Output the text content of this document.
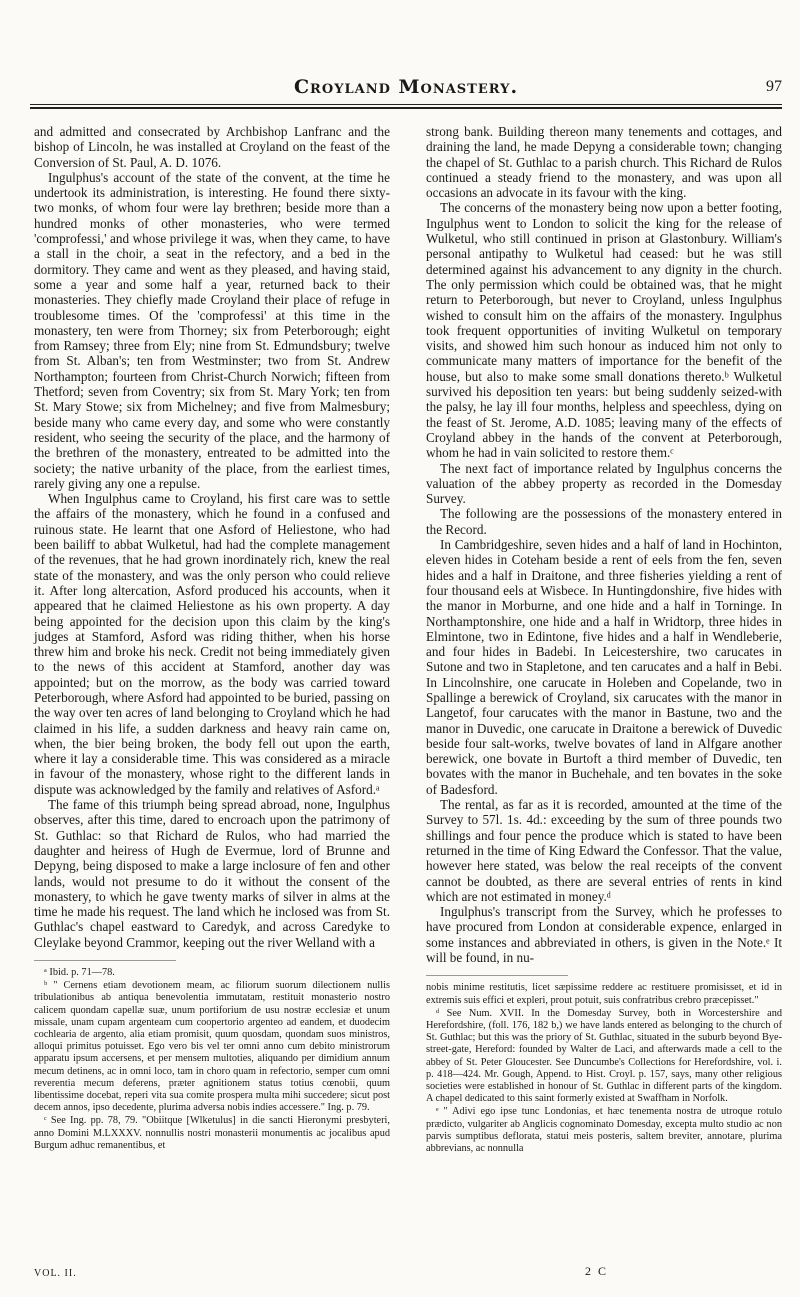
Croyland Monastery.	97

and admitted and consecrated by Archbishop Lanfranc and the bishop of Lincoln, he was installed at Croyland on the feast of the Conversion of St. Paul, A. D. 1076.

Ingulphus's account of the state of the convent, at the time he undertook its administration, is interesting. He found there sixty-two monks, of whom four were lay brethren; beside more than a hundred monks of other monasteries, who were termed 'comprofessi,' and whose privilege it was, when they came, to have a stall in the choir, a seat in the refectory, and a bed in the dormitory. They came and went as they pleased, and having staid, some a year and some half a year, returned back to their monasteries. They chiefly made Croyland their place of refuge in troublesome times. Of the 'comprofessi' at this time in the monastery, ten were from Thorney; six from Peterborough; eight from Ramsey; three from Ely; nine from St. Edmundsbury; twelve from St. Alban's; ten from Westminster; two from St. Andrew Northampton; fourteen from Christ-Church Norwich; fifteen from Thetford; seven from Coventry; six from St. Mary York; ten from St. Mary Stowe; six from Michelney; and five from Malmesbury; beside many who came every day, and some who were constantly resident, who seeing the security of the place, and the harmony of the brethren of the monastery, entreated to be admitted into the society; the native urbanity of the place, from the earliest times, rarely giving any one a repulse.

When Ingulphus came to Croyland, his first care was to settle the affairs of the monastery, which he found in a confused and ruinous state. He learnt that one Asford of Heliestone, who had been bailiff to abbat Wulketul, had had the complete management of the revenues, that he had grown inordinately rich, knew the real state of the monastery, and was the only person who could relieve it. After long altercation, Asford produced his accounts, when it appeared that he claimed Heliestone as his own property. A day being appointed for the decision upon this claim by the king's judges at Stamford, Asford was riding thither, when his horse threw him and broke his neck. Credit not being immediately given to the news of this accident at Stamford, another day was appointed; but on the morrow, as the body was carried toward Peterborough, where Asford had appointed to be buried, passing on the way over ten acres of land belonging to Croyland which he had claimed in his life, a sudden darkness and heavy rain came on, when, the bier being broken, the body fell out upon the earth, where it lay a considerable time. This was considered as a miracle in favour of the monastery, whose right to the different lands in dispute was acknowledged by the family and relatives of Asford.ᵃ

The fame of this triumph being spread abroad, none, Ingulphus observes, after this time, dared to encroach upon the patrimony of St. Guthlac: so that Richard de Rulos, who had married the daughter and heiress of Hugh de Evermue, lord of Brunne and Depyng, being disposed to make a large inclosure of fen and other lands, would not presume to do it without the consent of the monastery, to which he gave twenty marks of silver in alms at the time he made his request. The land which he inclosed was from St. Guthlac's chapel eastward to Caredyk, and across Caredyke to Cleylake beyond Crammor, keeping out the river Welland with a

ᵃ Ibid. p. 71—78.

ᵇ " Cernens etiam devotionem meam, ac filiorum suorum dilectionem nullis tribulationibus ab antiqua benevolentia immutatam, restituit monasterio nostro calicem quondam capellæ suæ, unum portiforium de usu nostræ ecclesiæ et unum missale, unam cupam argenteam cum coopertorio argenteo ad eandem, et duodecim cochlearia de argento, alia etiam promisit, quum quosdam, quondam suos ministros, alloqui primitus potuisset. Ego vero bis vel ter omni anno cum debito ministrorum apparatu ipsum accersens, et per mensem multoties, aliquando per dimidium annum mecum detinens, ac in omni loco, tam in choro quam in refectorio, semper cum omni reverentia mecum deferens, præter agnitionem status totius cœnobii, quum libentissime docebat, reperi vita sua comite prospera multa mihi succedere; sicut post decem annos, ipso decedente, plurima adversa nobis indies accessere." Ing. p. 79.

ᶜ See Ing. pp. 78, 79. "Obiitque [Wlketulus] in die sancti Hieronymi presbyteri, anno Domini M.LXXXV. nonnullis nostri monasterii monumentis ac jocalibus apud Burgum adhuc remanentibus, et

strong bank. Building thereon many tenements and cottages, and draining the land, he made Depyng a considerable town; changing the chapel of St. Guthlac to a parish church. This Richard de Rulos continued a steady friend to the monastery, and was upon all occasions an advocate in its favour with the king.

The concerns of the monastery being now upon a better footing, Ingulphus went to London to solicit the king for the release of Wulketul, who still continued in prison at Glastonbury. William's personal antipathy to Wulketul had ceased: but he was still determined against his advancement to any dignity in the church. The only permission which could be obtained was, that he might return to Peterborough, but never to Croyland, unless Ingulphus wished to consult him on the affairs of the monastery. Ingulphus took frequent opportunities of inviting Wulketul on temporary visits, and showed him such honour as induced him not only to communicate many matters of importance for the benefit of the house, but also to make some small donations thereto.ᵇ Wulketul survived his deposition ten years: but being suddenly seized-with the palsy, he lay ill four months, helpless and speechless, dying on the feast of St. Jerome, A.D. 1085; leaving many of the effects of Croyland abbey in the hands of the convent at Peterborough, whom he had in vain solicited to restore them.ᶜ

The next fact of importance related by Ingulphus concerns the valuation of the abbey property as recorded in the Domesday Survey.

The following are the possessions of the monastery entered in the Record.

In Cambridgeshire, seven hides and a half of land in Hochinton, eleven hides in Coteham beside a rent of eels from the fen, seven hides and a half in Draitone, and three fisheries yielding a rent of four thousand eels at Wisbece. In Huntingdonshire, five hides with the manor in Morburne, and one hide and a half in Torninge. In Northamptonshire, one hide and a half in Wridtorp, three hides in Elmintone, two in Edintone, five hides and a half in Wendleberie, and four hides in Badebi. In Leicestershire, two carucates in Sutone and two in Stapletone, and ten carucates and a half in Bebi. In Lincolnshire, one carucate in Holeben and Copelande, two in Spallinge a berewick of Croyland, six carucates with the manor in Langetof, four carucates with the manor in Bastune, two and the manor in Duvedic, one carucate in Draitone a berewick of Duvedic beside four salt-works, twelve bovates of land in Alfgare another berewick, one bovate in Burtoft a third member of Duvedic, ten bovates with the manor in Buchehale, and ten bovates in the soke of Badesford.

The rental, as far as it is recorded, amounted at the time of the Survey to 57l. 1s. 4d.: exceeding by the sum of three pounds two shillings and four pence the produce which is stated to have been returned in the time of King Edward the Confessor. That the value, however here stated, was below the real receipts of the convent cannot be doubted, as there are several entries of rents in kind which are not estimated in money.ᵈ

Ingulphus's transcript from the Survey, which he professes to have procured from London at considerable expence, enlarged in some instances and abbreviated in others, is given in the Note.ᵉ It will be found, in nu-

nobis minime restitutis, licet sæpissime reddere ac restituere promisisset, et id in extremis suis effici et expleri, prout potuit, suis confratribus crebro præcepisset."

ᵈ See Num. XVII. In the Domesday Survey, both in Worcestershire and Herefordshire, (foll. 176, 182 b,) we have lands entered as belonging to the church of St. Guthlac; but this was the priory of St. Guthlac, situated in the suburb beyond Bye-street-gate, Hereford: founded by Walter de Laci, and afterwards made a cell to the abbey of St. Peter Gloucester. See Duncumbe's Collections for Herefordshire, vol. i. p. 418—424. Mr. Gough, Append. to Hist. Croyl. p. 157, says, many other religious societies were established in honour of St. Guthlac in different parts of the kingdom. A chapel dedicated to this saint formerly existed at Swaffham in Norfolk.

ᵉ " Adivi ego ipse tunc Londonias, et hæc tenementa nostra de utroque rotulo prædicto, vulgariter ab Anglicis cognominato Domesday, excepta multo studio ac non parvis sumptibus deflorata, statui meis posteris, saltem breviter, annotare, plurima abbrevians, ac nonnulla

VOL. II.	2 C
